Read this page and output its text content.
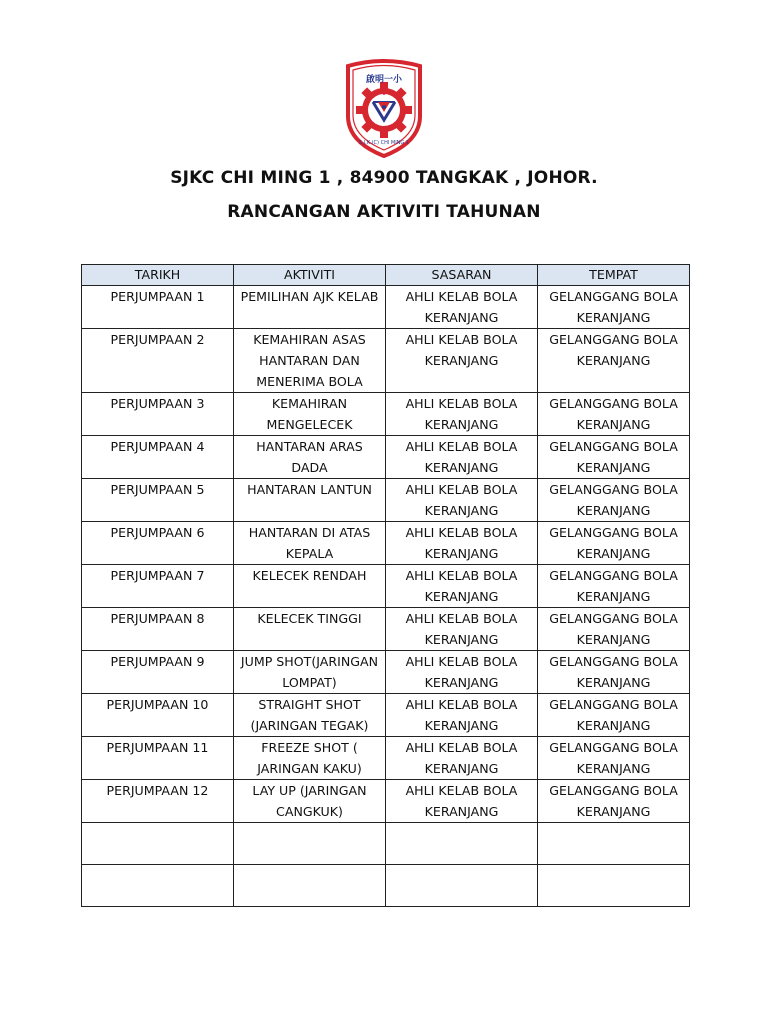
啟明一小
S.J.K.(C) CHI MING 1
SJKC CHI MING 1 , 84900 TANGKAK , JOHOR.
RANCANGAN AKTIVITI TAHUNAN
TARIKH	AKTIVITI	SASARAN	TEMPAT
PERJUMPAAN 1	PEMILIHAN AJK KELAB	AHLI KELAB BOLA KERANJANG	GELANGGANG BOLA KERANJANG
PERJUMPAAN 2	KEMAHIRAN ASAS HANTARAN DAN MENERIMA BOLA	AHLI KELAB BOLA KERANJANG	GELANGGANG BOLA KERANJANG
PERJUMPAAN 3	KEMAHIRAN MENGELECEK	AHLI KELAB BOLA KERANJANG	GELANGGANG BOLA KERANJANG
PERJUMPAAN 4	HANTARAN ARAS DADA	AHLI KELAB BOLA KERANJANG	GELANGGANG BOLA KERANJANG
PERJUMPAAN 5	HANTARAN LANTUN	AHLI KELAB BOLA KERANJANG	GELANGGANG BOLA KERANJANG
PERJUMPAAN 6	HANTARAN DI ATAS KEPALA	AHLI KELAB BOLA KERANJANG	GELANGGANG BOLA KERANJANG
PERJUMPAAN 7	KELECEK RENDAH	AHLI KELAB BOLA KERANJANG	GELANGGANG BOLA KERANJANG
PERJUMPAAN 8	KELECEK TINGGI	AHLI KELAB BOLA KERANJANG	GELANGGANG BOLA KERANJANG
PERJUMPAAN 9	JUMP SHOT(JARINGAN LOMPAT)	AHLI KELAB BOLA KERANJANG	GELANGGANG BOLA KERANJANG
PERJUMPAAN 10	STRAIGHT SHOT (JARINGAN TEGAK)	AHLI KELAB BOLA KERANJANG	GELANGGANG BOLA KERANJANG
PERJUMPAAN 11	FREEZE SHOT ( JARINGAN KAKU)	AHLI KELAB BOLA KERANJANG	GELANGGANG BOLA KERANJANG
PERJUMPAAN 12	LAY UP (JARINGAN CANGKUK)	AHLI KELAB BOLA KERANJANG	GELANGGANG BOLA KERANJANG
